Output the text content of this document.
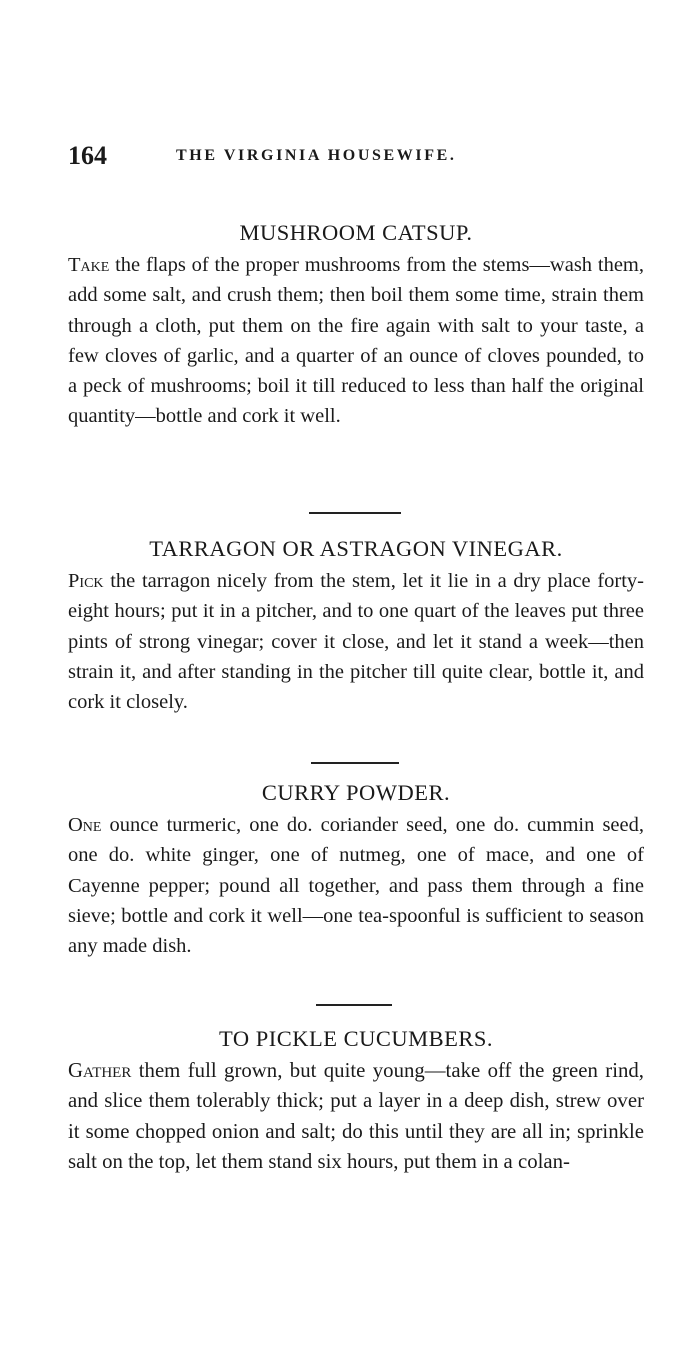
164	THE VIRGINIA HOUSEWIFE.
MUSHROOM CATSUP.

Take the flaps of the proper mushrooms from the stems—wash them, add some salt, and crush them; then boil them some time, strain them through a cloth, put them on the fire again with salt to your taste, a few cloves of garlic, and a quarter of an ounce of cloves pounded, to a peck of mushrooms; boil it till reduced to less than half the original quantity—bottle and cork it well.

TARRAGON OR ASTRAGON VINEGAR.

Pick the tarragon nicely from the stem, let it lie in a dry place forty-eight hours; put it in a pitcher, and to one quart of the leaves put three pints of strong vinegar; cover it close, and let it stand a week—then strain it, and after standing in the pitcher till quite clear, bottle it, and cork it closely.

CURRY POWDER.

One ounce turmeric, one do. coriander seed, one do. cummin seed, one do. white ginger, one of nutmeg, one of mace, and one of Cayenne pepper; pound all together, and pass them through a fine sieve; bottle and cork it well—one tea-spoonful is sufficient to season any made dish.

TO PICKLE CUCUMBERS.

Gather them full grown, but quite young—take off the green rind, and slice them tolerably thick; put a layer in a deep dish, strew over it some chopped onion and salt; do this until they are all in; sprinkle salt on the top, let them stand six hours, put them in a colan-
